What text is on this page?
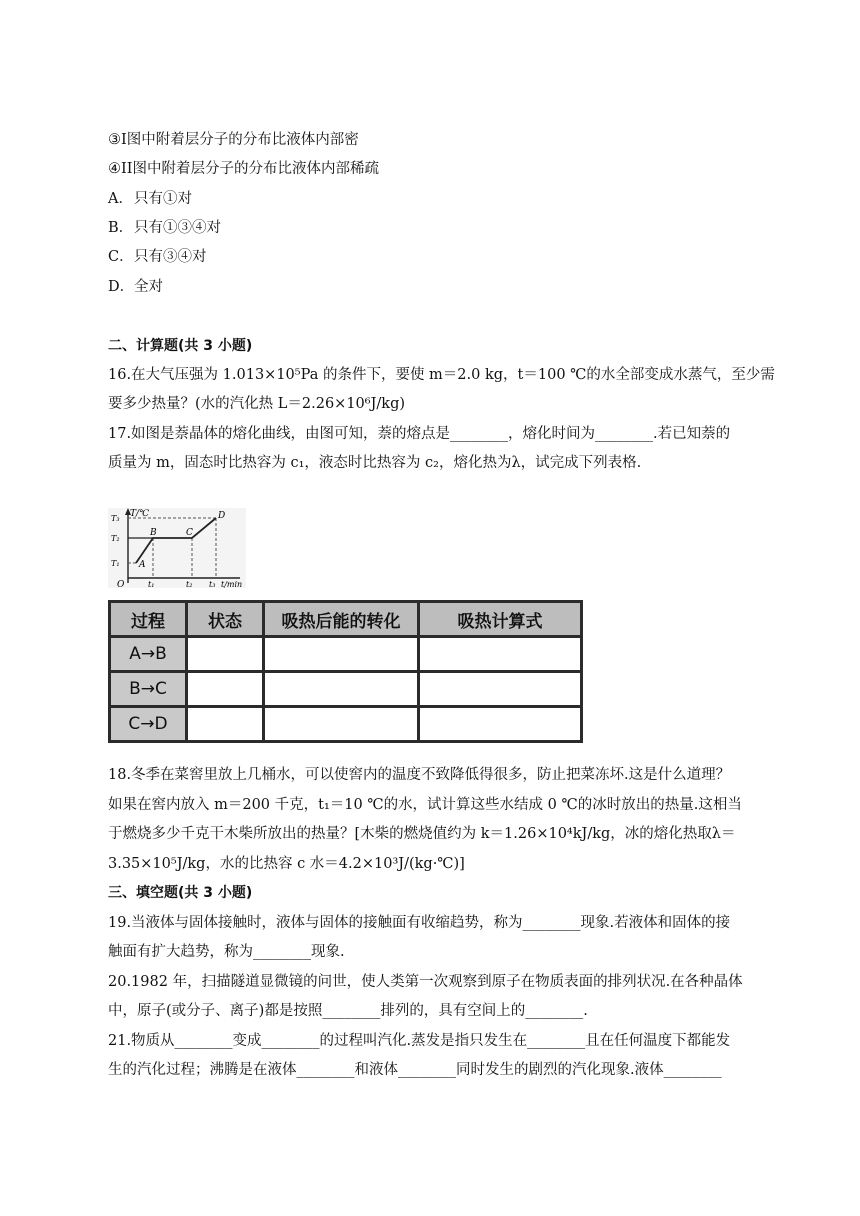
③I图中附着层分子的分布比液体内部密
④II图中附着层分子的分布比液体内部稀疏
A．只有①对
B．只有①③④对
C．只有③④对
D．全对
二、计算题(共 3 小题)
16.在大气压强为 1.013×10⁵Pa 的条件下，要使 m＝2.0 kg，t＝100 ℃的水全部变成水蒸气，至少需
要多少热量？(水的汽化热 L＝2.26×10⁶J/kg)
17.如图是萘晶体的熔化曲线，由图可知，萘的熔点是________，熔化时间为________.若已知萘的
质量为 m，固态时比热容为 c₁，液态时比热容为 c₂，熔化热为λ，试完成下列表格.
T/℃
T₃
T₂
T₁
O	t₁	t₂ t₃ t/min
A
B	C
D
过程	状态	吸热后能的转化	吸热计算式
A→B			
B→C			
C→D			
18.冬季在菜窖里放上几桶水，可以使窖内的温度不致降低得很多，防止把菜冻坏.这是什么道理？
如果在窖内放入 m＝200 千克，t₁＝10 ℃的水，试计算这些水结成 0 ℃的冰时放出的热量.这相当
于燃烧多少千克干木柴所放出的热量？[木柴的燃烧值约为 k＝1.26×10⁴kJ/kg，冰的熔化热取λ＝
3.35×10⁵J/kg，水的比热容 c 水＝4.2×10³J/(kg·℃)]
三、填空题(共 3 小题)
19.当液体与固体接触时，液体与固体的接触面有收缩趋势，称为________现象.若液体和固体的接
触面有扩大趋势，称为________现象.
20.1982 年，扫描隧道显微镜的问世，使人类第一次观察到原子在物质表面的排列状况.在各种晶体
中，原子(或分子、离子)都是按照________排列的，具有空间上的________.
21.物质从________变成________的过程叫汽化.蒸发是指只发生在________且在任何温度下都能发
生的汽化过程；沸腾是在液体________和液体________同时发生的剧烈的汽化现象.液体________
